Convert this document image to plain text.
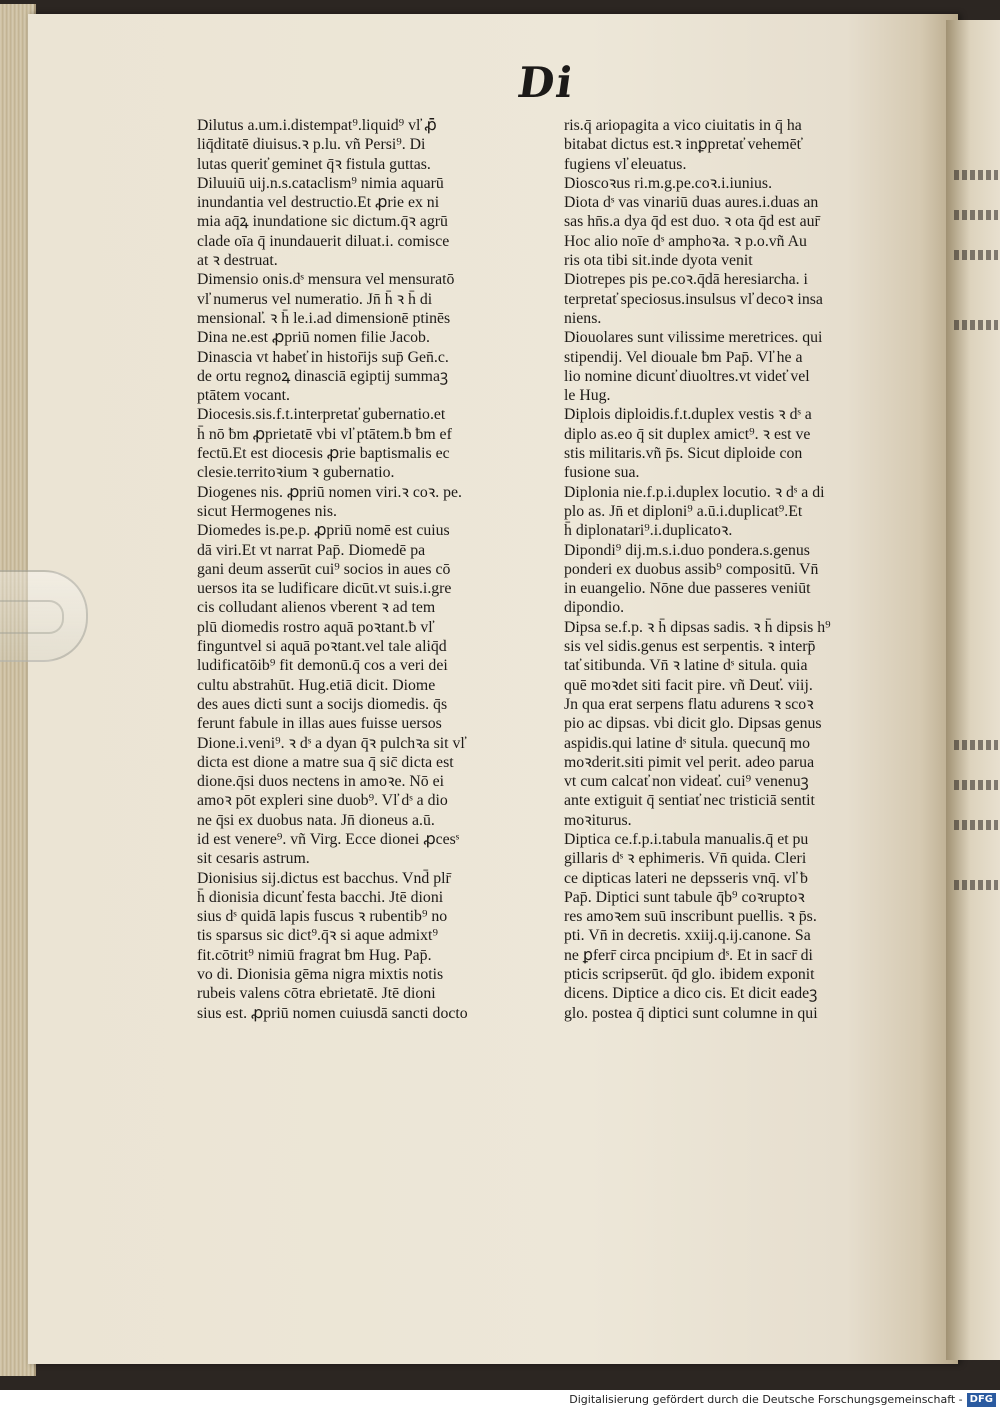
Di
Dilutus a.um.i.distempat⁹.liquid⁹ vl̕ ꝓ̄
liq̄ditatē diuisus.ꝛ p.lu. vñ Persi⁹. Di
lutas querit̕ geminet q̄ꝛ fistula guttas.
Diluuiū uij.n.s.cataclism⁹ nimia aquarū
inundantia vel destructio.Et ꝓrie ex ni
mia aq̄ꝝ inundatione sic dictum.q̄ꝛ agrū
clade oīa q̄ inundauerit diluat.i. comisce
at ꝛ destruat.
Dimensio onis.dˢ mensura vel mensuratō
vl̕ numerus vel numeratio. Jn̄ h̄ ꝛ h̄ di
mensional̕. ꝛ h̄ le.i.ad dimensionē ptinēs
Dina ne.est ꝓpriū nomen filie Jacob.
Dinascia vt habet̕ in histor̄ijs sup̄ Gen̄.c.
de ortu regnoꝝ dinasciā egiptij summaꝫ
ptātem vocant.
Diocesis.sis.f.t.interpretat̕ gubernatio.et
h̄ nō ƀm ꝓprietatē vbi vl̕ ptātem.ƀ ƀm ef
fectū.Et est diocesis ꝓrie baptismalis ec
clesie.territoꝛium ꝛ gubernatio.
Diogenes nis. ꝓpriū nomen viri.ꝛ coꝛ. pe.
sicut Hermogenes nis.
Diomedes is.pe.p. ꝓpriū nomē est cuius
dā viri.Et vt narrat Pap̄. Diomedē pa
gani deum asserūt cui⁹ socios in aues cō
uersos ita se ludificare dicūt.vt suis.i.gre
cis colludant alienos vberent ꝛ ad tem
plū diomedis rostro aquā poꝛtant.ƀ vl̕
finguntvel si aquā poꝛtant.vel tale aliq̄d
ludificatōib⁹ fit demonū.q̄ cos a veri dei
cultu abstrahūt. Hug.etiā dicit. Diome
des aues dicti sunt a socijs diomedis. q̄s
ferunt fabule in illas aues fuisse uersos
Dione.i.veni⁹. ꝛ dˢ a dyan q̄ꝛ pulchꝛa sit vl̕
dicta est dione a matre sua q̄ sic̄ dicta est
dione.q̄si duos nectens in amoꝛe. Nō ei
amoꝛ pōt expleri sine duob⁹. Vl̕ dˢ a dio
ne q̄si ex duobus nata. Jn̄ dioneus a.ū.
id est venere⁹. vñ Virg. Ecce dionei ꝓcesˢ
sit cesaris astrum.
Dionisius sij.dictus est bacchus. Vnd̄ plr̄
h̄ dionisia dicunt̕ festa bacchi. Jtē dioni
sius dˢ quidā lapis fuscus ꝛ rubentib⁹ no
tis sparsus sic dict⁹.q̄ꝛ si aque admixt⁹
fit.cōtrit⁹ nimiū fragrat ƀm Hug. Pap̄.
vo di. Dionisia gēma nigra mixtis notis
rubeis valens cōtra ebrietatē. Jtē dioni
sius est. ꝓpriū nomen cuiusdā sancti docto
ris.q̄ ariopagita a vico ciuitatis in q̄ ha
bitabat dictus est.ꝛ inꝑpretat̕ vehemēt̕
fugiens vl̕ eleuatus.
Dioscoꝛus ri.m.g.pe.coꝛ.i.iunius.
Diota dˢ vas vinariū duas aures.i.duas an
sas hn̄s.a dya q̄d est duo. ꝛ ota q̄d est aur̄
Hoc alio noīe dˢ amphoꝛa. ꝛ p.o.vñ Au
ris ota tibi sit.inde dyota venit
Diotrepes pis pe.coꝛ.q̄dā heresiarcha. i
terpretat̕ speciosus.insulsus vl̕ decoꝛ insa
niens.
Diouolares sunt vilissime meretrices. qui
stipendij. Vel diouale ƀm Pap̄. Vl̕ he a
lio nomine dicunt̕ diuoltres.vt videt̕ vel
le Hug.
Diplois diploidis.f.t.duplex vestis ꝛ dˢ a
diplo as.eo q̄ sit duplex amict⁹. ꝛ est ve
stis militaris.vñ p̄s. Sicut diploide con
fusione sua.
Diplonia nie.f.p.i.duplex locutio. ꝛ dˢ a di
plo as. Jn̄ et diploni⁹ a.ū.i.duplicat⁹.Et
h̄ diplonatari⁹.i.duplicatoꝛ.
Dipondi⁹ dij.m.s.i.duo pondera.s.genus
ponderi ex duobus assib⁹ compositū. Vn̄
in euangelio. Nōne due passeres veniūt
dipondio.
Dipsa se.f.p. ꝛ h̄ dipsas sadis. ꝛ h̄ dipsis h⁹
sis vel sidis.genus est serpentis. ꝛ interp̄
tat̕ sitibunda. Vn̄ ꝛ latine dˢ situla. quia
quē moꝛdet siti facit pire. vñ Deut̕. viij.
Jn qua erat serpens flatu adurens ꝛ scoꝛ
pio ac dipsas. vbi dicit glo. Dipsas genus
aspidis.qui latine dˢ situla. quecunq̄ mo
moꝛderit.siti pimit vel perit. adeo parua
vt cum calcat̕ non videat̕. cui⁹ venenuꝫ
ante extiguit q̄ sentiat̕ nec tristiciā sentit
moꝛiturus.
Diptica ce.f.p.i.tabula manualis.q̄ et pu
gillaris dˢ ꝛ ephimeris. Vn̄ quida. Cleri
ce dipticas lateri ne depsseris vnq̄. vl̕ ƀ
Pap̄. Diptici sunt tabule q̄b⁹ coꝛruptoꝛ
res amoꝛem suū inscribunt puellis. ꝛ p̄s.
pti. Vn̄ in decretis. xxiij.q.ij.canone. Sa
ne ꝑferr̄ circa pncipium dˢ. Et in sacr̄ di
pticis scripserūt. q̄d glo. ibidem exponit
dicens. Diptice a dico cis. Et dicit eadeꝫ
glo. postea q̄ diptici sunt columne in qui
Digitalisierung gefördert durch die Deutsche Forschungsgemeinschaft - DFG
